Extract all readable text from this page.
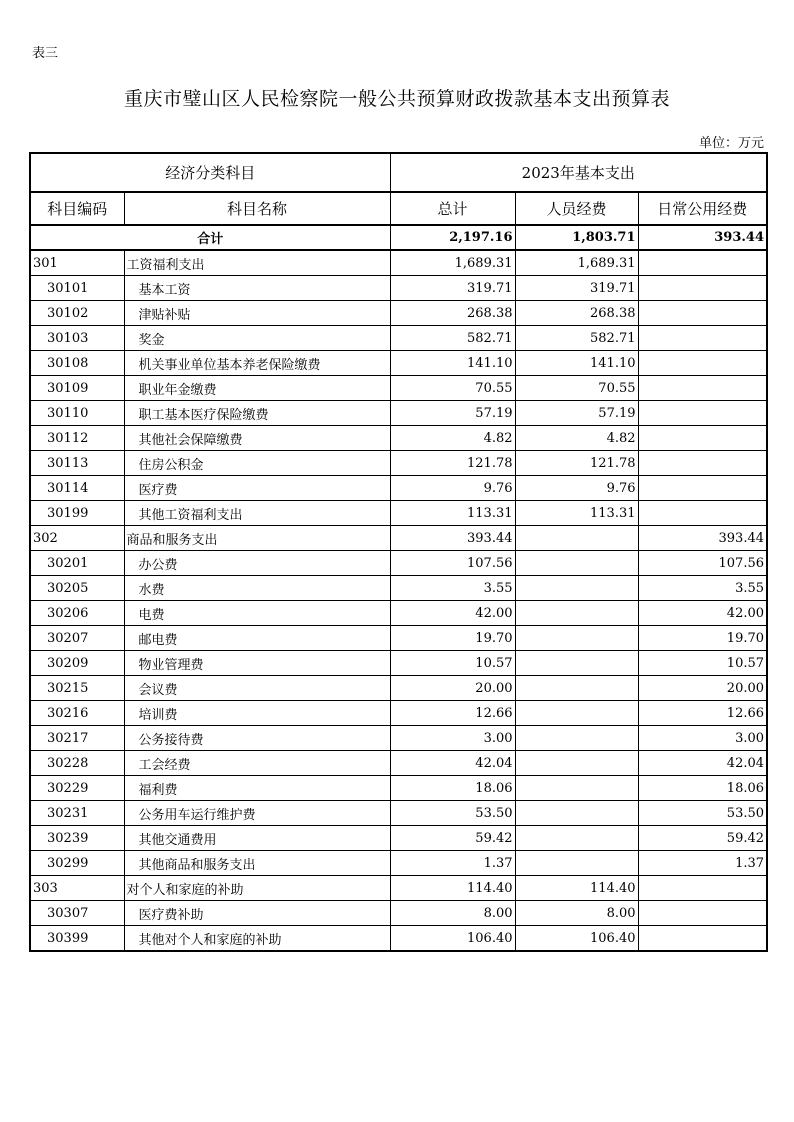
表三
重庆市璧山区人民检察院一般公共预算财政拨款基本支出预算表
单位：万元
经济分类科目		2023年基本支出		
科目编码	科目名称	总计	人员经费	日常公用经费
合计		2,197.16	1,803.71	393.44
301	工资福利支出	1,689.31	1,689.31	
30101	基本工资	319.71	319.71	
30102	津贴补贴	268.38	268.38	
30103	奖金	582.71	582.71	
30108	机关事业单位基本养老保险缴费	141.10	141.10	
30109	职业年金缴费	70.55	70.55	
30110	职工基本医疗保险缴费	57.19	57.19	
30112	其他社会保障缴费	4.82	4.82	
30113	住房公积金	121.78	121.78	
30114	医疗费	9.76	9.76	
30199	其他工资福利支出	113.31	113.31	
302	商品和服务支出	393.44		393.44
30201	办公费	107.56		107.56
30205	水费	3.55		3.55
30206	电费	42.00		42.00
30207	邮电费	19.70		19.70
30209	物业管理费	10.57		10.57
30215	会议费	20.00		20.00
30216	培训费	12.66		12.66
30217	公务接待费	3.00		3.00
30228	工会经费	42.04		42.04
30229	福利费	18.06		18.06
30231	公务用车运行维护费	53.50		53.50
30239	其他交通费用	59.42		59.42
30299	其他商品和服务支出	1.37		1.37
303	对个人和家庭的补助	114.40	114.40	
30307	医疗费补助	8.00	8.00	
30399	其他对个人和家庭的补助	106.40	106.40	
